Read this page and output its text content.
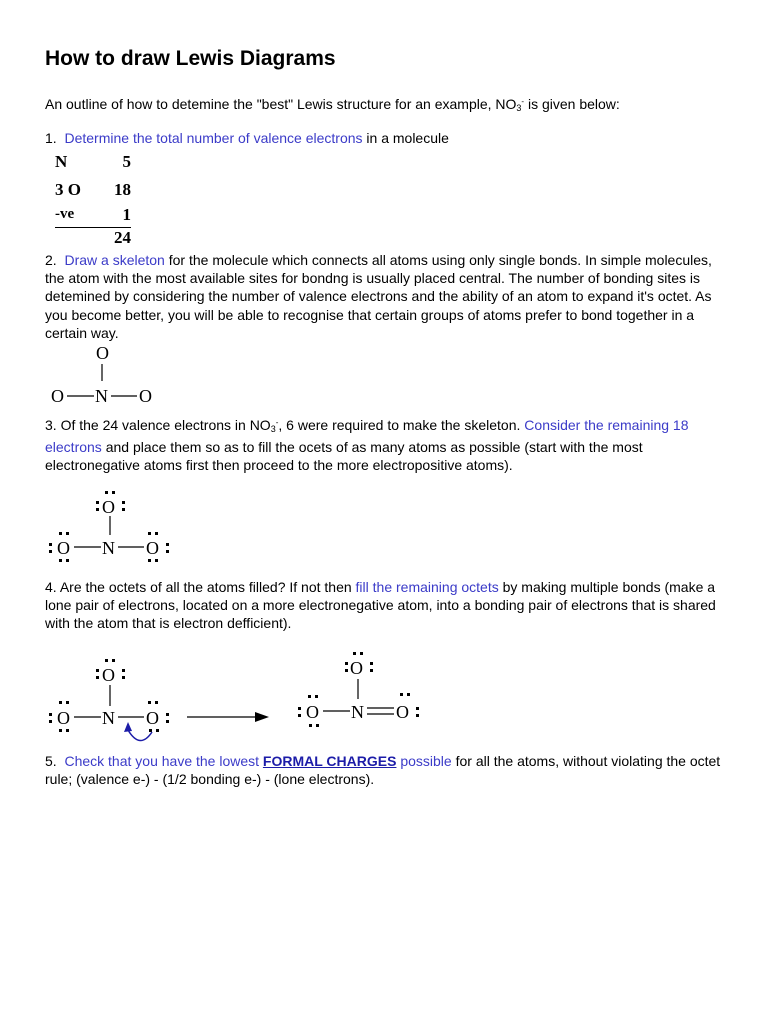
How to draw Lewis Diagrams
An outline of how to detemine the "best" Lewis structure for an example, $NO_3^-$ is given below:
1. Determine the total number of valence electrons in a molecule
N	5
3 O	18
-ve	1
	24
2. Draw a skeleton for the molecule which connects all atoms using only single bonds. In simple molecules, the atom with the most available sites for bondng is usually placed central. The number of bonding sites is detemined by considering the number of valence electrons and the ability of an atom to expand it's octet. As you become better, you will be able to recognise that certain groups of atoms prefer to bond together in a certain way.
O
O N O
3. Of the 24 valence electrons in $NO_3^-$, 6 were required to make the skeleton. Consider the remaining 18 electrons and place them so as to fill the ocets of as many atoms as possible (start with the most electronegative atoms first then proceed to the more electropositive atoms).
O
O N O
4. Are the octets of all the atoms filled? If not then fill the remaining octets by making multiple bonds (make a lone pair of electrons, located on a more electronegative atom, into a bonding pair of electrons that is shared with the atom that is electron defficient).
O
O N O
O
O N O
5. Check that you have the lowest FORMAL CHARGES possible for all the atoms, without violating the octet rule; (valence e-) - (1/2 bonding e-) - (lone electrons).
